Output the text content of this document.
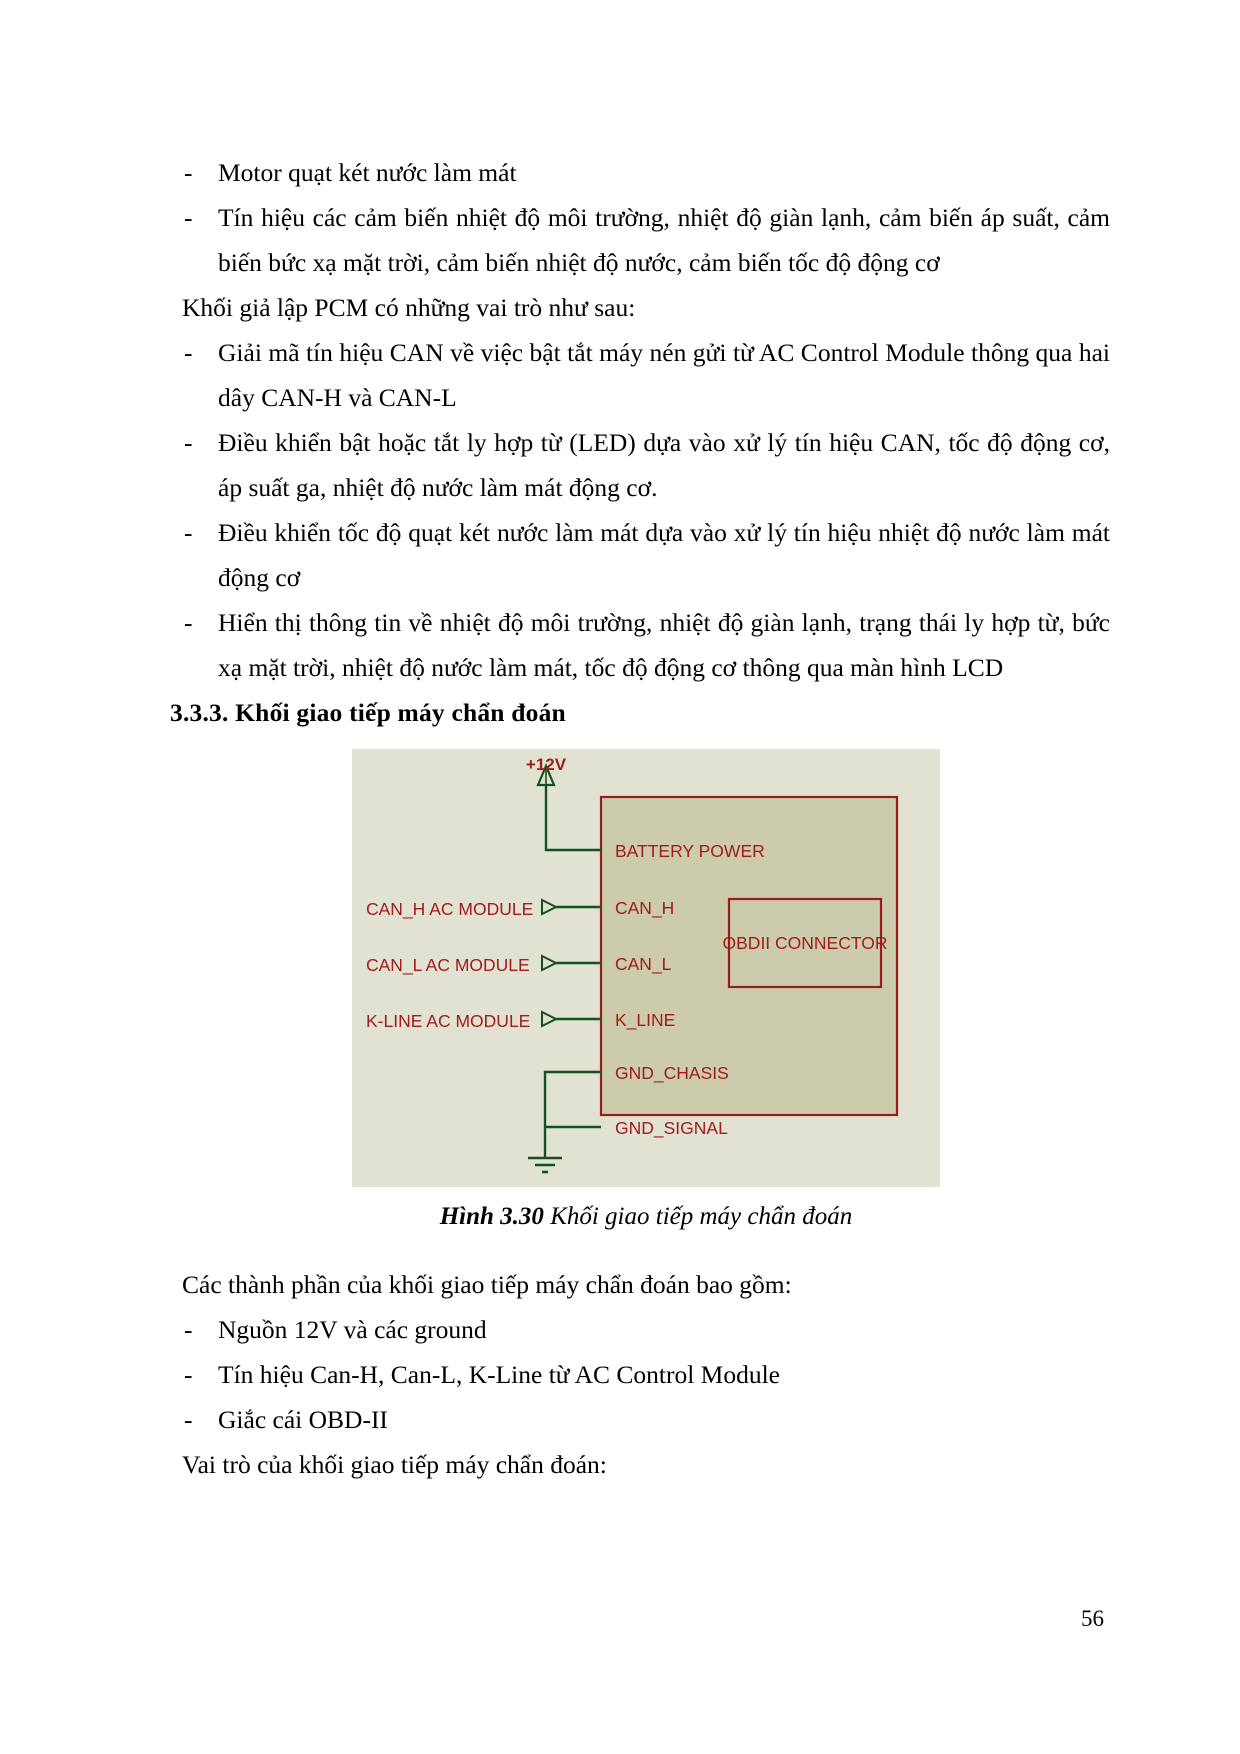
-	Motor quạt két nước làm mát
-	Tín hiệu các cảm biến nhiệt độ môi trường, nhiệt độ giàn lạnh, cảm biến áp suất, cảm biến bức xạ mặt trời, cảm biến nhiệt độ nước, cảm biến tốc độ động cơ

Khối giả lập PCM có những vai trò như sau:

-	Giải mã tín hiệu CAN về việc bật tắt máy nén gửi từ AC Control Module thông qua hai dây CAN-H và CAN-L
-	Điều khiển bật hoặc tắt ly hợp từ (LED) dựa vào xử lý tín hiệu CAN, tốc độ động cơ, áp suất ga, nhiệt độ nước làm mát động cơ.
-	Điều khiển tốc độ quạt két nước làm mát dựa vào xử lý tín hiệu nhiệt độ nước làm mát động cơ
-	Hiển thị thông tin về nhiệt độ môi trường, nhiệt độ giàn lạnh, trạng thái ly hợp từ, bức xạ mặt trời, nhiệt độ nước làm mát, tốc độ động cơ thông qua màn hình LCD

3.3.3. Khối giao tiếp máy chẩn đoán

+12V
CAN_H AC MODULE
CAN_L AC MODULE
K-LINE AC MODULE
BATTERY POWER
CAN_H
CAN_L
K_LINE
GND_CHASIS
GND_SIGNAL
OBDII CONNECTOR

Hình 3.30 Khối giao tiếp máy chẩn đoán

Các thành phần của khối giao tiếp máy chẩn đoán bao gồm:

-	Nguồn 12V và các ground
-	Tín hiệu Can-H, Can-L, K-Line từ AC Control Module
-	Giắc cái OBD-II

Vai trò của khối giao tiếp máy chẩn đoán:

56
